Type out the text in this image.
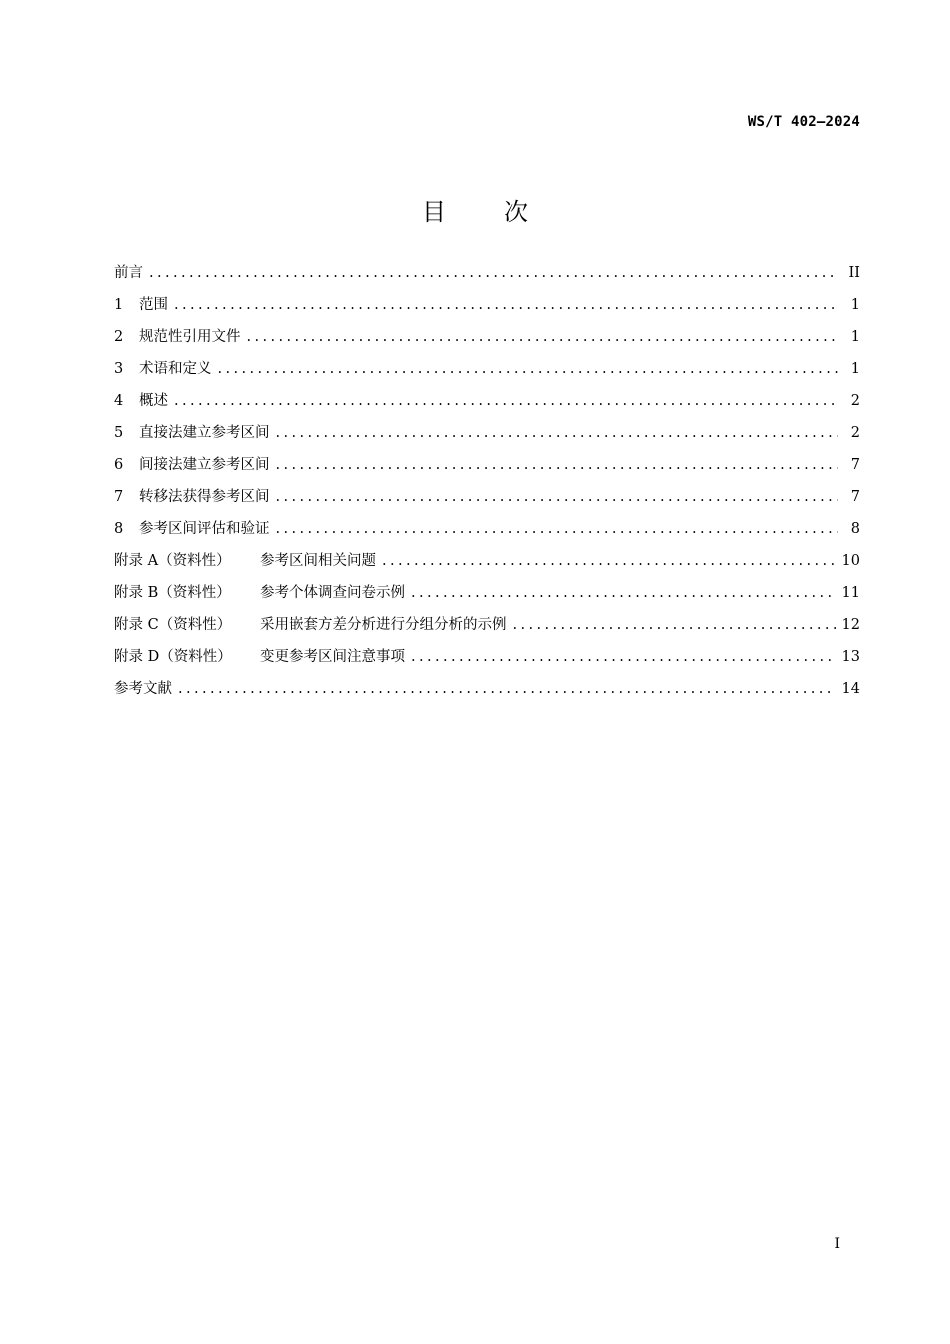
WS/T 402—2024
目次
前言 .....	II
1	范围 .....	1
2	规范性引用文件 .....	1
3	术语和定义 .....	1
4	概述 .....	2
5	直接法建立参考区间 .....	2
6	间接法建立参考区间 .....	7
7	转移法获得参考区间 .....	7
8	参考区间评估和验证 .....	8
附录 A（资料性）	参考区间相关问题 .....	10
附录 B（资料性）	参考个体调查问卷示例 .....	11
附录 C（资料性）	采用嵌套方差分析进行分组分析的示例 .....	12
附录 D（资料性）	变更参考区间注意事项 .....	13
参考文献 .....	14
I
